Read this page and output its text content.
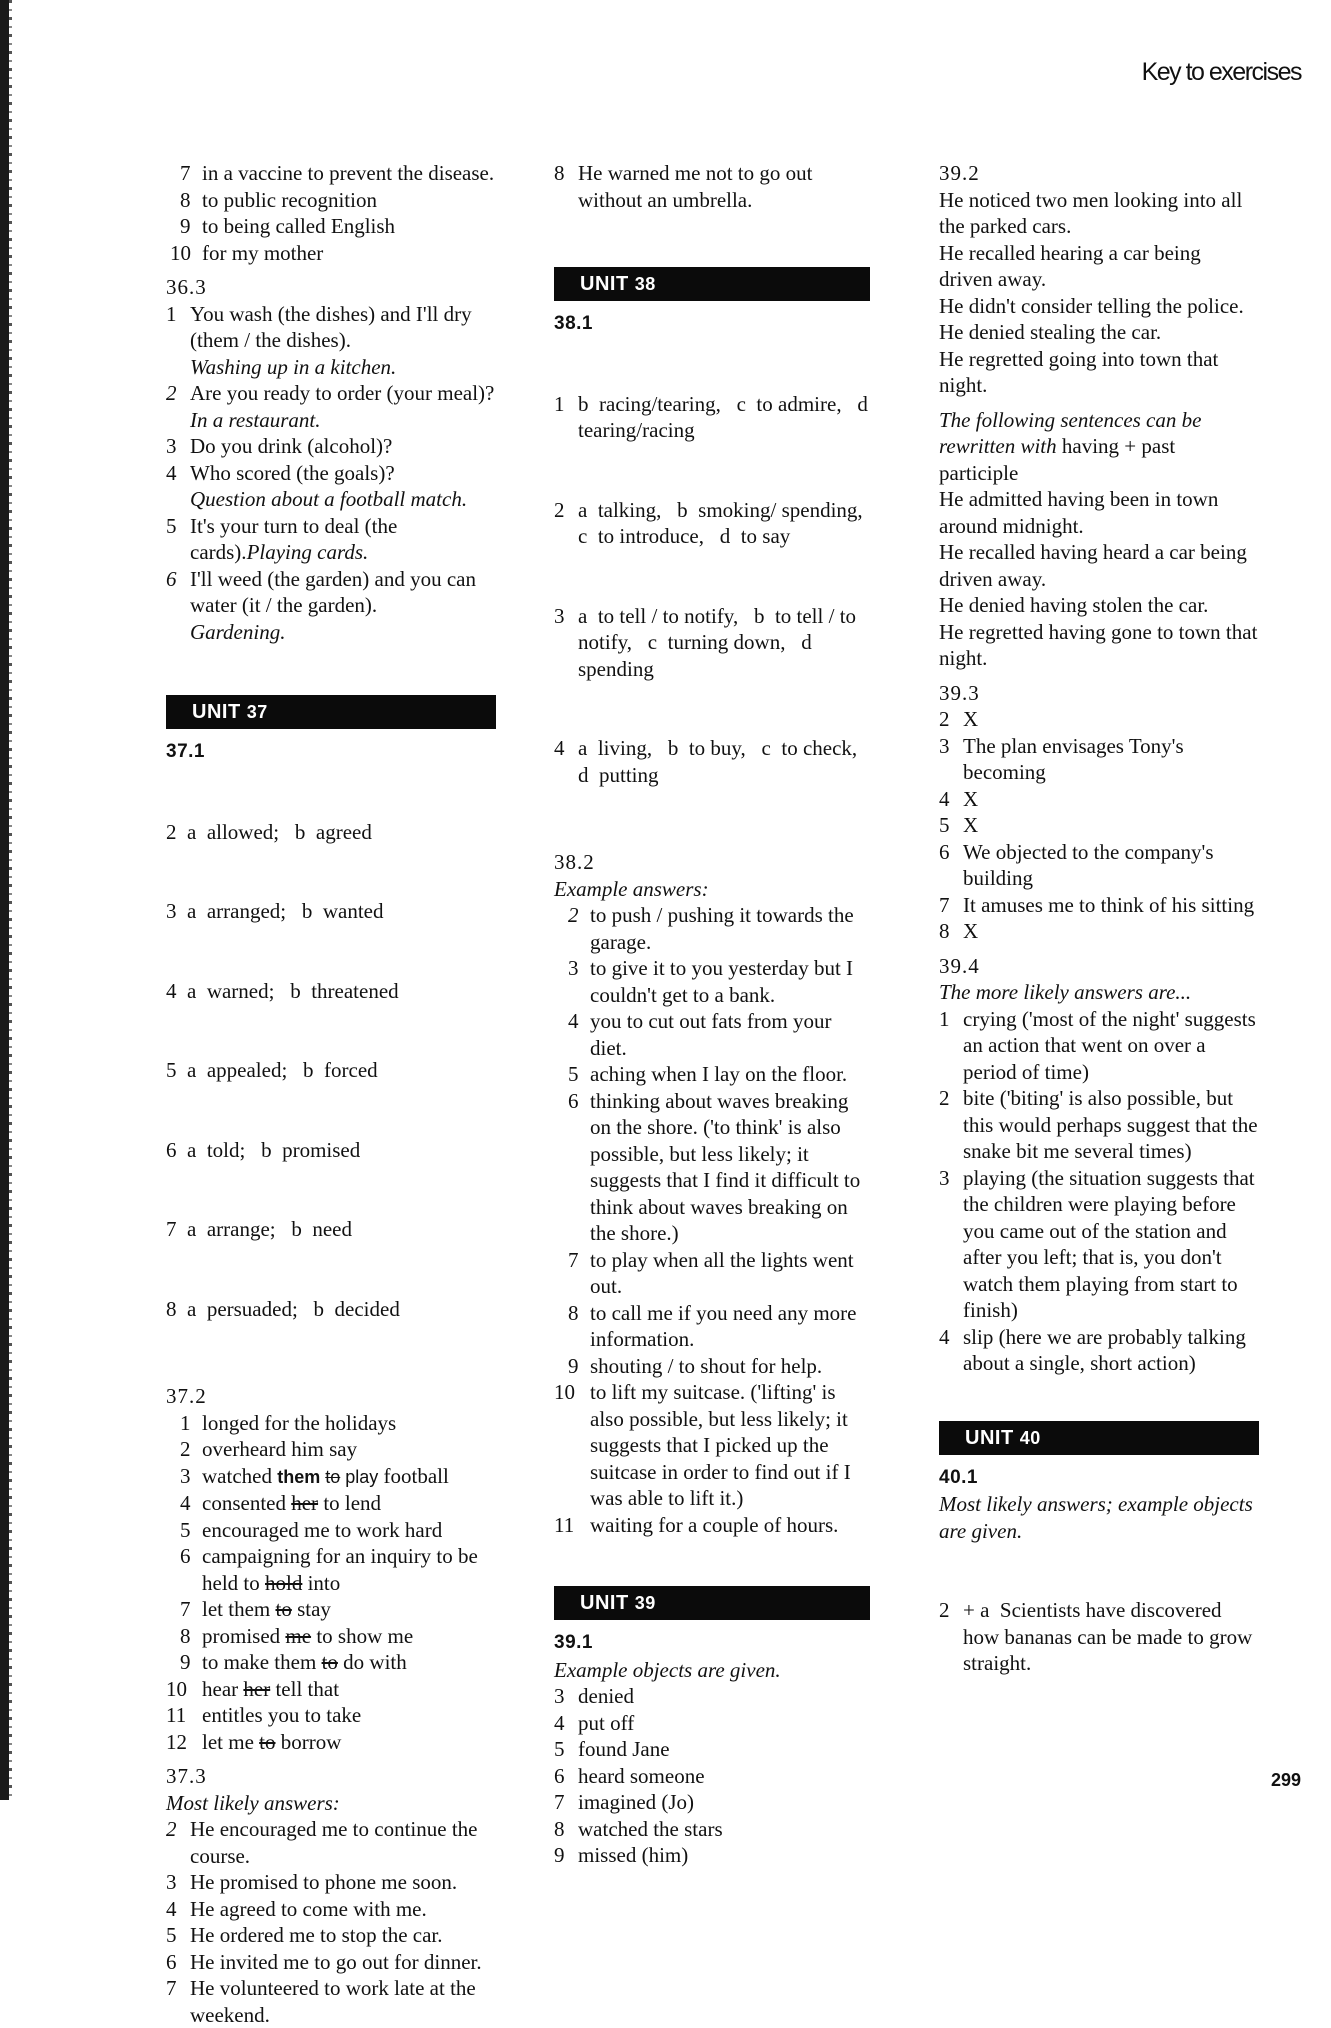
Key to exercises
7 in a vaccine to prevent the disease.
8 to public recognition
9 to being called English
10 for my mother
36.3
1 You wash (the dishes) and I'll dry (them / the dishes).
Washing up in a kitchen.
2 Are you ready to order (your meal)?In a restaurant.
3 Do you drink (alcohol)?
4 Who scored (the goals)?
Question about a football match.
5 It's your turn to deal (the cards).Playing cards.
6 I'll weed (the garden) and you can water (it / the garden).
Gardening.
UNIT 37
37.1

2  a  allowed;   b  agreed

3  a  arranged;   b  wanted

4  a  warned;   b  threatened

5  a  appealed;   b  forced

6  a  told;   b  promised

7  a  arrange;   b  need

8  a  persuaded;   b  decided

37.2
1 longed for the holidays
2 overheard him say
3 watched them to play football
4 consented her to lend
5 encouraged me to work hard
6 campaigning for an inquiry to be held to hold into
7 let them to stay
8 promised me to show me
9 to make them to do with
10 hear her tell that
11 entitles you to take
12 let me to borrow
37.3
Most likely answers:
2 He encouraged me to continue the course.
3 He promised to phone me soon.
4 He agreed to come with me.
5 He ordered me to stop the car.
6 He invited me to go out for dinner.
7 He volunteered to work late at the weekend.
8 He warned me not to go out without an umbrella.
UNIT 38
38.1

1 b  racing/tearing,   c  to admire,   d  tearing/racing

2 a  talking,   b  smoking/ spending,   c  to introduce,   d  to say

3 a  to tell / to notify,   b  to tell / to notify,   c  turning down,   d  spending

4 a  living,   b  to buy,   c  to check,   d  putting

38.2
Example answers:
2 to push / pushing it towards the garage.
3 to give it to you yesterday but I couldn't get to a bank.
4 you to cut out fats from your diet.
5 aching when I lay on the floor.
6 thinking about waves breaking on the shore. ('to think' is also possible, but less likely; it suggests that I find it difficult to think about waves breaking on the shore.)
7 to play when all the lights went out.
8 to call me if you need any more information.
9 shouting / to shout for help.
10 to lift my suitcase. ('lifting' is also possible, but less likely; it suggests that I picked up the suitcase in order to find out if I was able to lift it.)
11 waiting for a couple of hours.
UNIT 39
39.1
Example objects are given.
3 denied
4 put off
5 found Jane
6 heard someone
7 imagined (Jo)
8 watched the stars
9 missed (him)
39.2
He noticed two men looking into all the parked cars.
He recalled hearing a car being driven away.
He didn't consider telling the police.
He denied stealing the car.
He regretted going into town that night.
The following sentences can be rewritten with having + past participle
He admitted having been in town around midnight.
He recalled having heard a car being driven away.
He denied having stolen the car.
He regretted having gone to town that night.
39.3
2 X
3 The plan envisages Tony's becoming
4 X
5 X
6 We objected to the company's building
7 It amuses me to think of his sitting
8 X
39.4
The more likely answers are...
1 crying ('most of the night' suggests an action that went on over a period of time)
2 bite ('biting' is also possible, but this would perhaps suggest that the snake bit me several times)
3 playing (the situation suggests that the children were playing before you came out of the station and after you left; that is, you don't watch them playing from start to finish)
4 slip (here we are probably talking about a single, short action)
UNIT 40
40.1
Most likely answers; example objects are given.

2 + a  Scientists have discovered how bananas can be made to grow straight.

299
